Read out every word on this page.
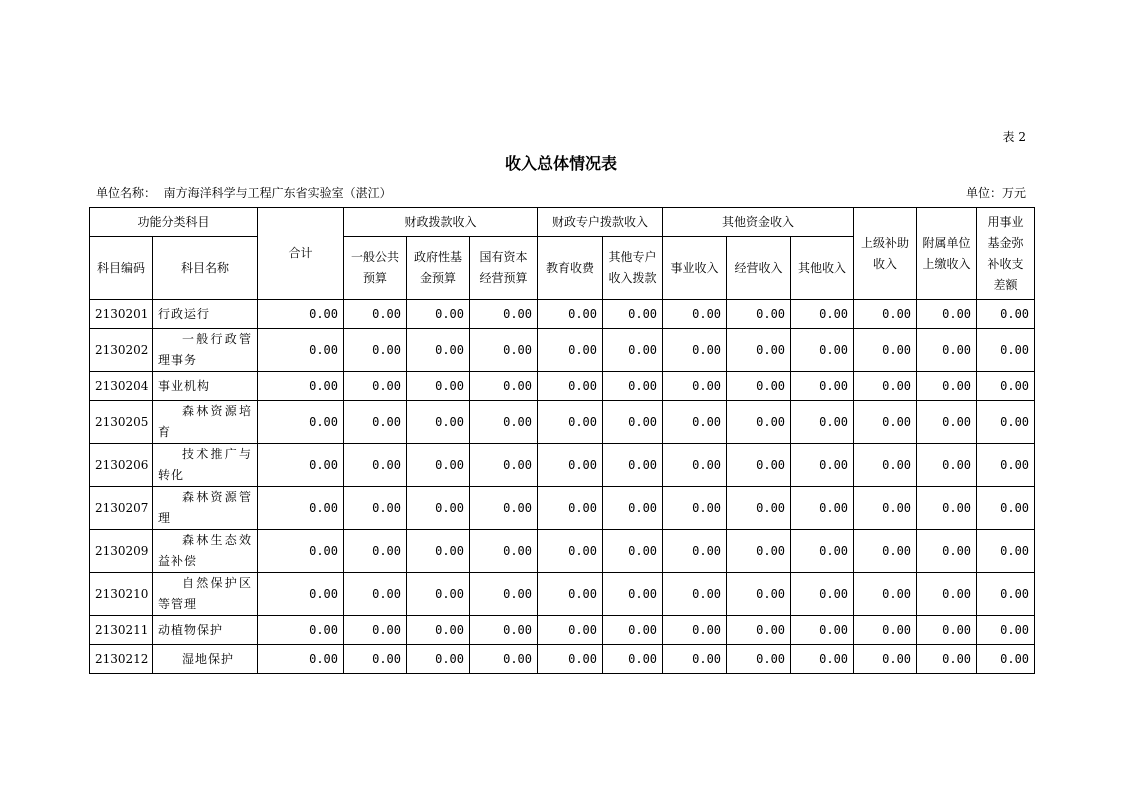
表 2
收入总体情况表
单位名称：  南方海洋科学与工程广东省实验室（湛江）	单位：万元
功能分类科目		合计	财政拨款收入			财政专户拨款收入		其他资金收入			上级补助收入	附属单位上缴收入	用事业基金弥补收支差额
科目编码	科目名称		一般公共预算	政府性基金预算	国有资本经营预算	教育收费	其他专户收入拨款	事业收入	经营收入	其他收入			
2130201	行政运行	0.00	0.00	0.00	0.00	0.00	0.00	0.00	0.00	0.00	0.00	0.00	0.00
2130202	一般行政管理事务	0.00	0.00	0.00	0.00	0.00	0.00	0.00	0.00	0.00	0.00	0.00	0.00
2130204	事业机构	0.00	0.00	0.00	0.00	0.00	0.00	0.00	0.00	0.00	0.00	0.00	0.00
2130205	森林资源培育	0.00	0.00	0.00	0.00	0.00	0.00	0.00	0.00	0.00	0.00	0.00	0.00
2130206	技术推广与转化	0.00	0.00	0.00	0.00	0.00	0.00	0.00	0.00	0.00	0.00	0.00	0.00
2130207	森林资源管理	0.00	0.00	0.00	0.00	0.00	0.00	0.00	0.00	0.00	0.00	0.00	0.00
2130209	森林生态效益补偿	0.00	0.00	0.00	0.00	0.00	0.00	0.00	0.00	0.00	0.00	0.00	0.00
2130210	自然保护区等管理	0.00	0.00	0.00	0.00	0.00	0.00	0.00	0.00	0.00	0.00	0.00	0.00
2130211	动植物保护	0.00	0.00	0.00	0.00	0.00	0.00	0.00	0.00	0.00	0.00	0.00	0.00
2130212	湿地保护	0.00	0.00	0.00	0.00	0.00	0.00	0.00	0.00	0.00	0.00	0.00	0.00
